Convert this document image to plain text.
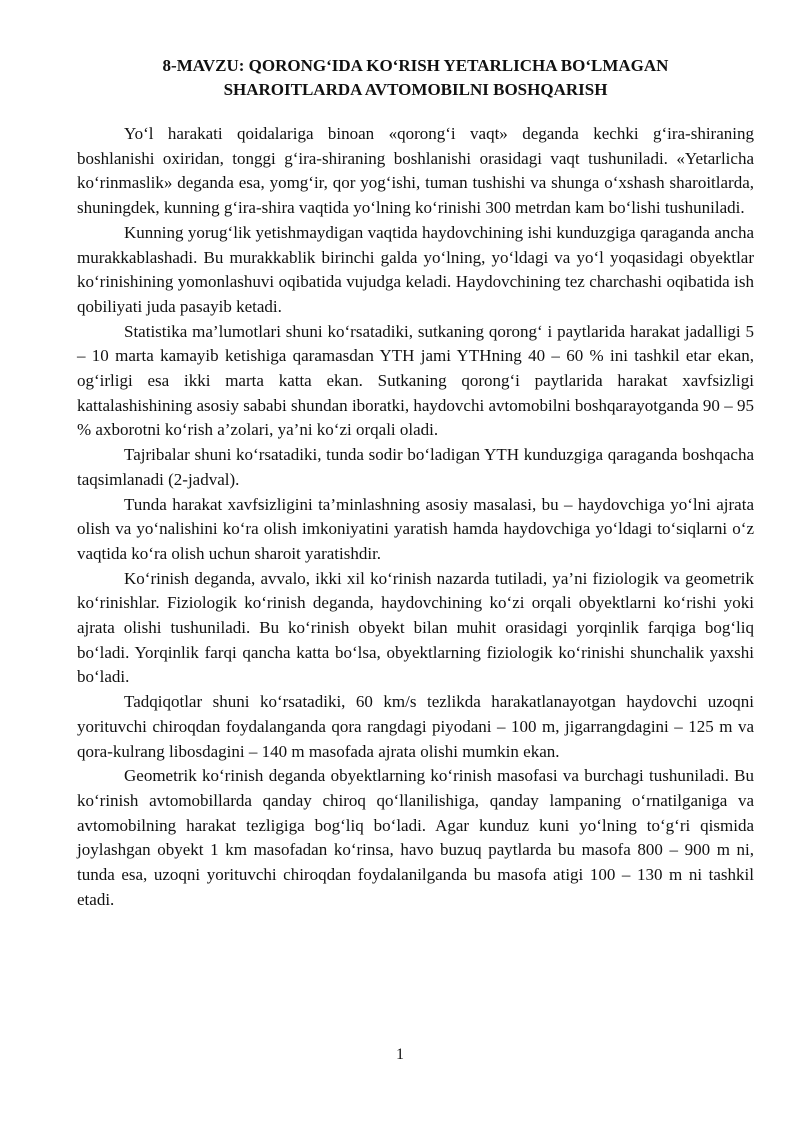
8-MAVZU: QORONG‘IDA KO‘RISH YETARLICHA BO‘LMAGAN
SHAROITLARDA AVTOMOBILNI BOSHQARISH

Yo‘l harakati qoidalariga binoan «qorong‘i vaqt» deganda kechki g‘ira-shiraning boshlanishi oxiridan, tonggi g‘ira-shiraning boshlanishi orasidagi vaqt tushuniladi. «Yetarlicha ko‘rinmaslik» deganda esa, yomg‘ir, qor yog‘ishi, tuman tushishi va shunga o‘xshash sharoitlarda, shuningdek, kunning g‘ira-shira vaqtida yo‘lning ko‘rinishi 300 metrdan kam bo‘lishi tushuniladi.

Kunning yorug‘lik yetishmaydigan vaqtida haydovchining ishi kunduzgiga qaraganda ancha murakkablashadi. Bu murakkablik birinchi galda yo‘lning, yo‘ldagi va yo‘l yoqasidagi obyektlar ko‘rinishining yomonlashuvi oqibatida vujudga keladi. Haydovchining tez charchashi oqibatida ish qobiliyati juda pasayib ketadi.

Statistika ma’lumotlari shuni ko‘rsatadiki, sutkaning qorong‘ i paytlarida harakat jadalligi 5 – 10 marta kamayib ketishiga qaramasdan YTH jami YTHning 40 – 60 % ini tashkil etar ekan, og‘irligi esa ikki marta katta ekan. Sutkaning qorong‘i paytlarida harakat xavfsizligi kattalashishining asosiy sababi shundan iboratki, haydovchi avtomobilni boshqarayotganda 90 – 95 % axborotni ko‘rish a’zolari, ya’ni ko‘zi orqali oladi.

Tajribalar shuni ko‘rsatadiki, tunda sodir bo‘ladigan YTH kunduzgiga qaraganda boshqacha taqsimlanadi (2-jadval).

Tunda harakat xavfsizligini ta’minlashning asosiy masalasi, bu – haydovchiga yo‘lni ajrata olish va yo‘nalishini ko‘ra olish imkoniyatini yaratish hamda haydovchiga yo‘ldagi to‘siqlarni o‘z vaqtida ko‘ra olish uchun sharoit yaratishdir.

Ko‘rinish deganda, avvalo, ikki xil ko‘rinish nazarda tutiladi, ya’ni fiziologik va geometrik ko‘rinishlar. Fiziologik ko‘rinish deganda, haydovchining ko‘zi orqali obyektlarni ko‘rishi yoki ajrata olishi tushuniladi. Bu ko‘rinish obyekt bilan muhit orasidagi yorqinlik farqiga bog‘liq bo‘ladi. Yorqinlik farqi qancha katta bo‘lsa, obyektlarning fiziologik ko‘rinishi shunchalik yaxshi bo‘ladi.

Tadqiqotlar shuni ko‘rsatadiki, 60 km/s tezlikda harakatlanayotgan haydovchi uzoqni yorituvchi chiroqdan foydalanganda qora rangdagi piyodani – 100 m, jigarrangdagini – 125 m va qora-kulrang libosdagini – 140 m masofada ajrata olishi mumkin ekan.

Geometrik ko‘rinish deganda obyektlarning ko‘rinish masofasi va burchagi tushuniladi. Bu ko‘rinish avtomobillarda qanday chiroq qo‘llanilishiga, qanday lampaning o‘rnatilganiga va avtomobilning harakat tezligiga bog‘liq bo‘ladi. Agar kunduz kuni yo‘lning to‘g‘ri qismida joylashgan obyekt 1 km masofadan ko‘rinsa, havo buzuq paytlarda bu masofa 800 – 900 m ni, tunda esa, uzoqni yorituvchi chiroqdan foydalanilganda bu masofa atigi 100 – 130 m ni tashkil etadi.

1
